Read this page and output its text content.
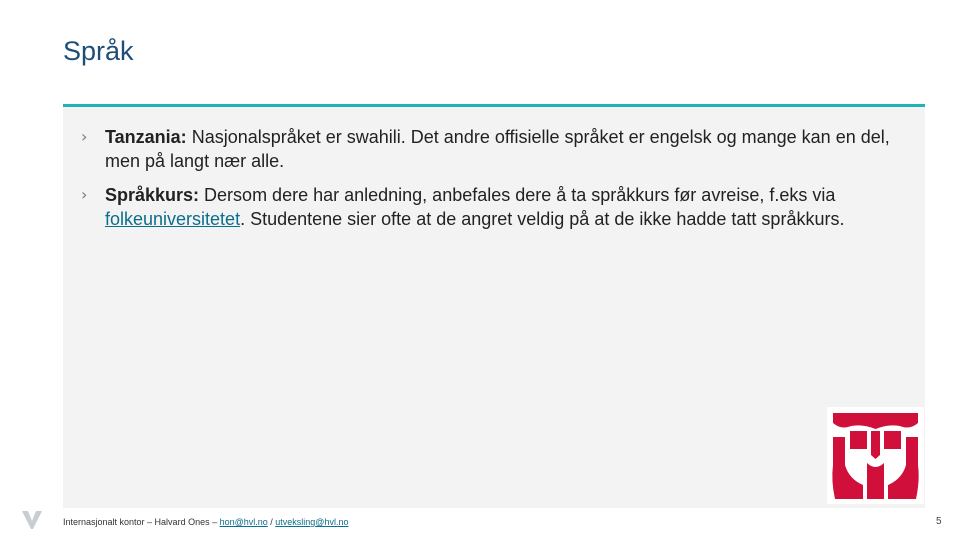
Språk
› Tanzania: Nasjonalspråket er swahili. Det andre offisielle språket er engelsk og mange kan en del, men på langt nær alle.
› Språkkurs: Dersom dere har anledning, anbefales dere å ta språkkurs før avreise, f.eks via folkeuniversitetet. Studentene sier ofte at de angret veldig på at de ikke hadde tatt språkkurs.
Internasjonalt kontor – Halvard Ones – hon@hvl.no / utveksling@hvl.no	5
